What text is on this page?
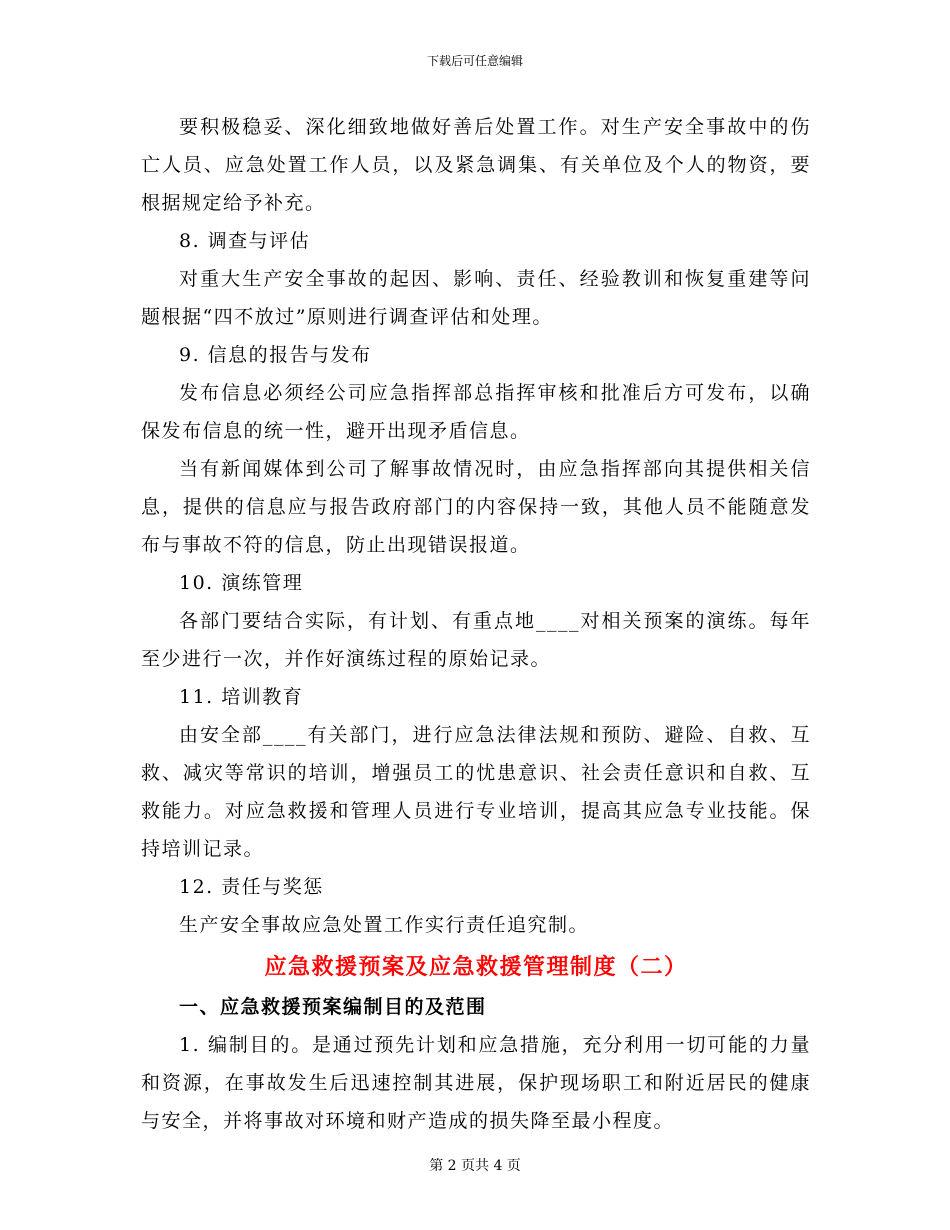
下载后可任意编辑

要积极稳妥、深化细致地做好善后处置工作。对生产安全事故中的伤亡人员、应急处置工作人员，以及紧急调集、有关单位及个人的物资，要根据规定给予补充。

8. 调查与评估

对重大生产安全事故的起因、影响、责任、经验教训和恢复重建等问题根据“四不放过”原则进行调查评估和处理。

9. 信息的报告与发布

发布信息必须经公司应急指挥部总指挥审核和批准后方可发布，以确保发布信息的统一性，避开出现矛盾信息。

当有新闻媒体到公司了解事故情况时，由应急指挥部向其提供相关信息，提供的信息应与报告政府部门的内容保持一致，其他人员不能随意发布与事故不符的信息，防止出现错误报道。

10. 演练管理

各部门要结合实际，有计划、有重点地____对相关预案的演练。每年至少进行一次，并作好演练过程的原始记录。

11. 培训教育

由安全部____有关部门，进行应急法律法规和预防、避险、自救、互救、减灾等常识的培训，增强员工的忧患意识、社会责任意识和自救、互救能力。对应急救援和管理人员进行专业培训，提高其应急专业技能。保持培训记录。

12. 责任与奖惩

生产安全事故应急处置工作实行责任追究制。

应急救援预案及应急救援管理制度（二）
一、应急救援预案编制目的及范围

1. 编制目的。是通过预先计划和应急措施，充分利用一切可能的力量和资源，在事故发生后迅速控制其进展，保护现场职工和附近居民的健康与安全，并将事故对环境和财产造成的损失降至最小程度。

第 2 页共 4 页
